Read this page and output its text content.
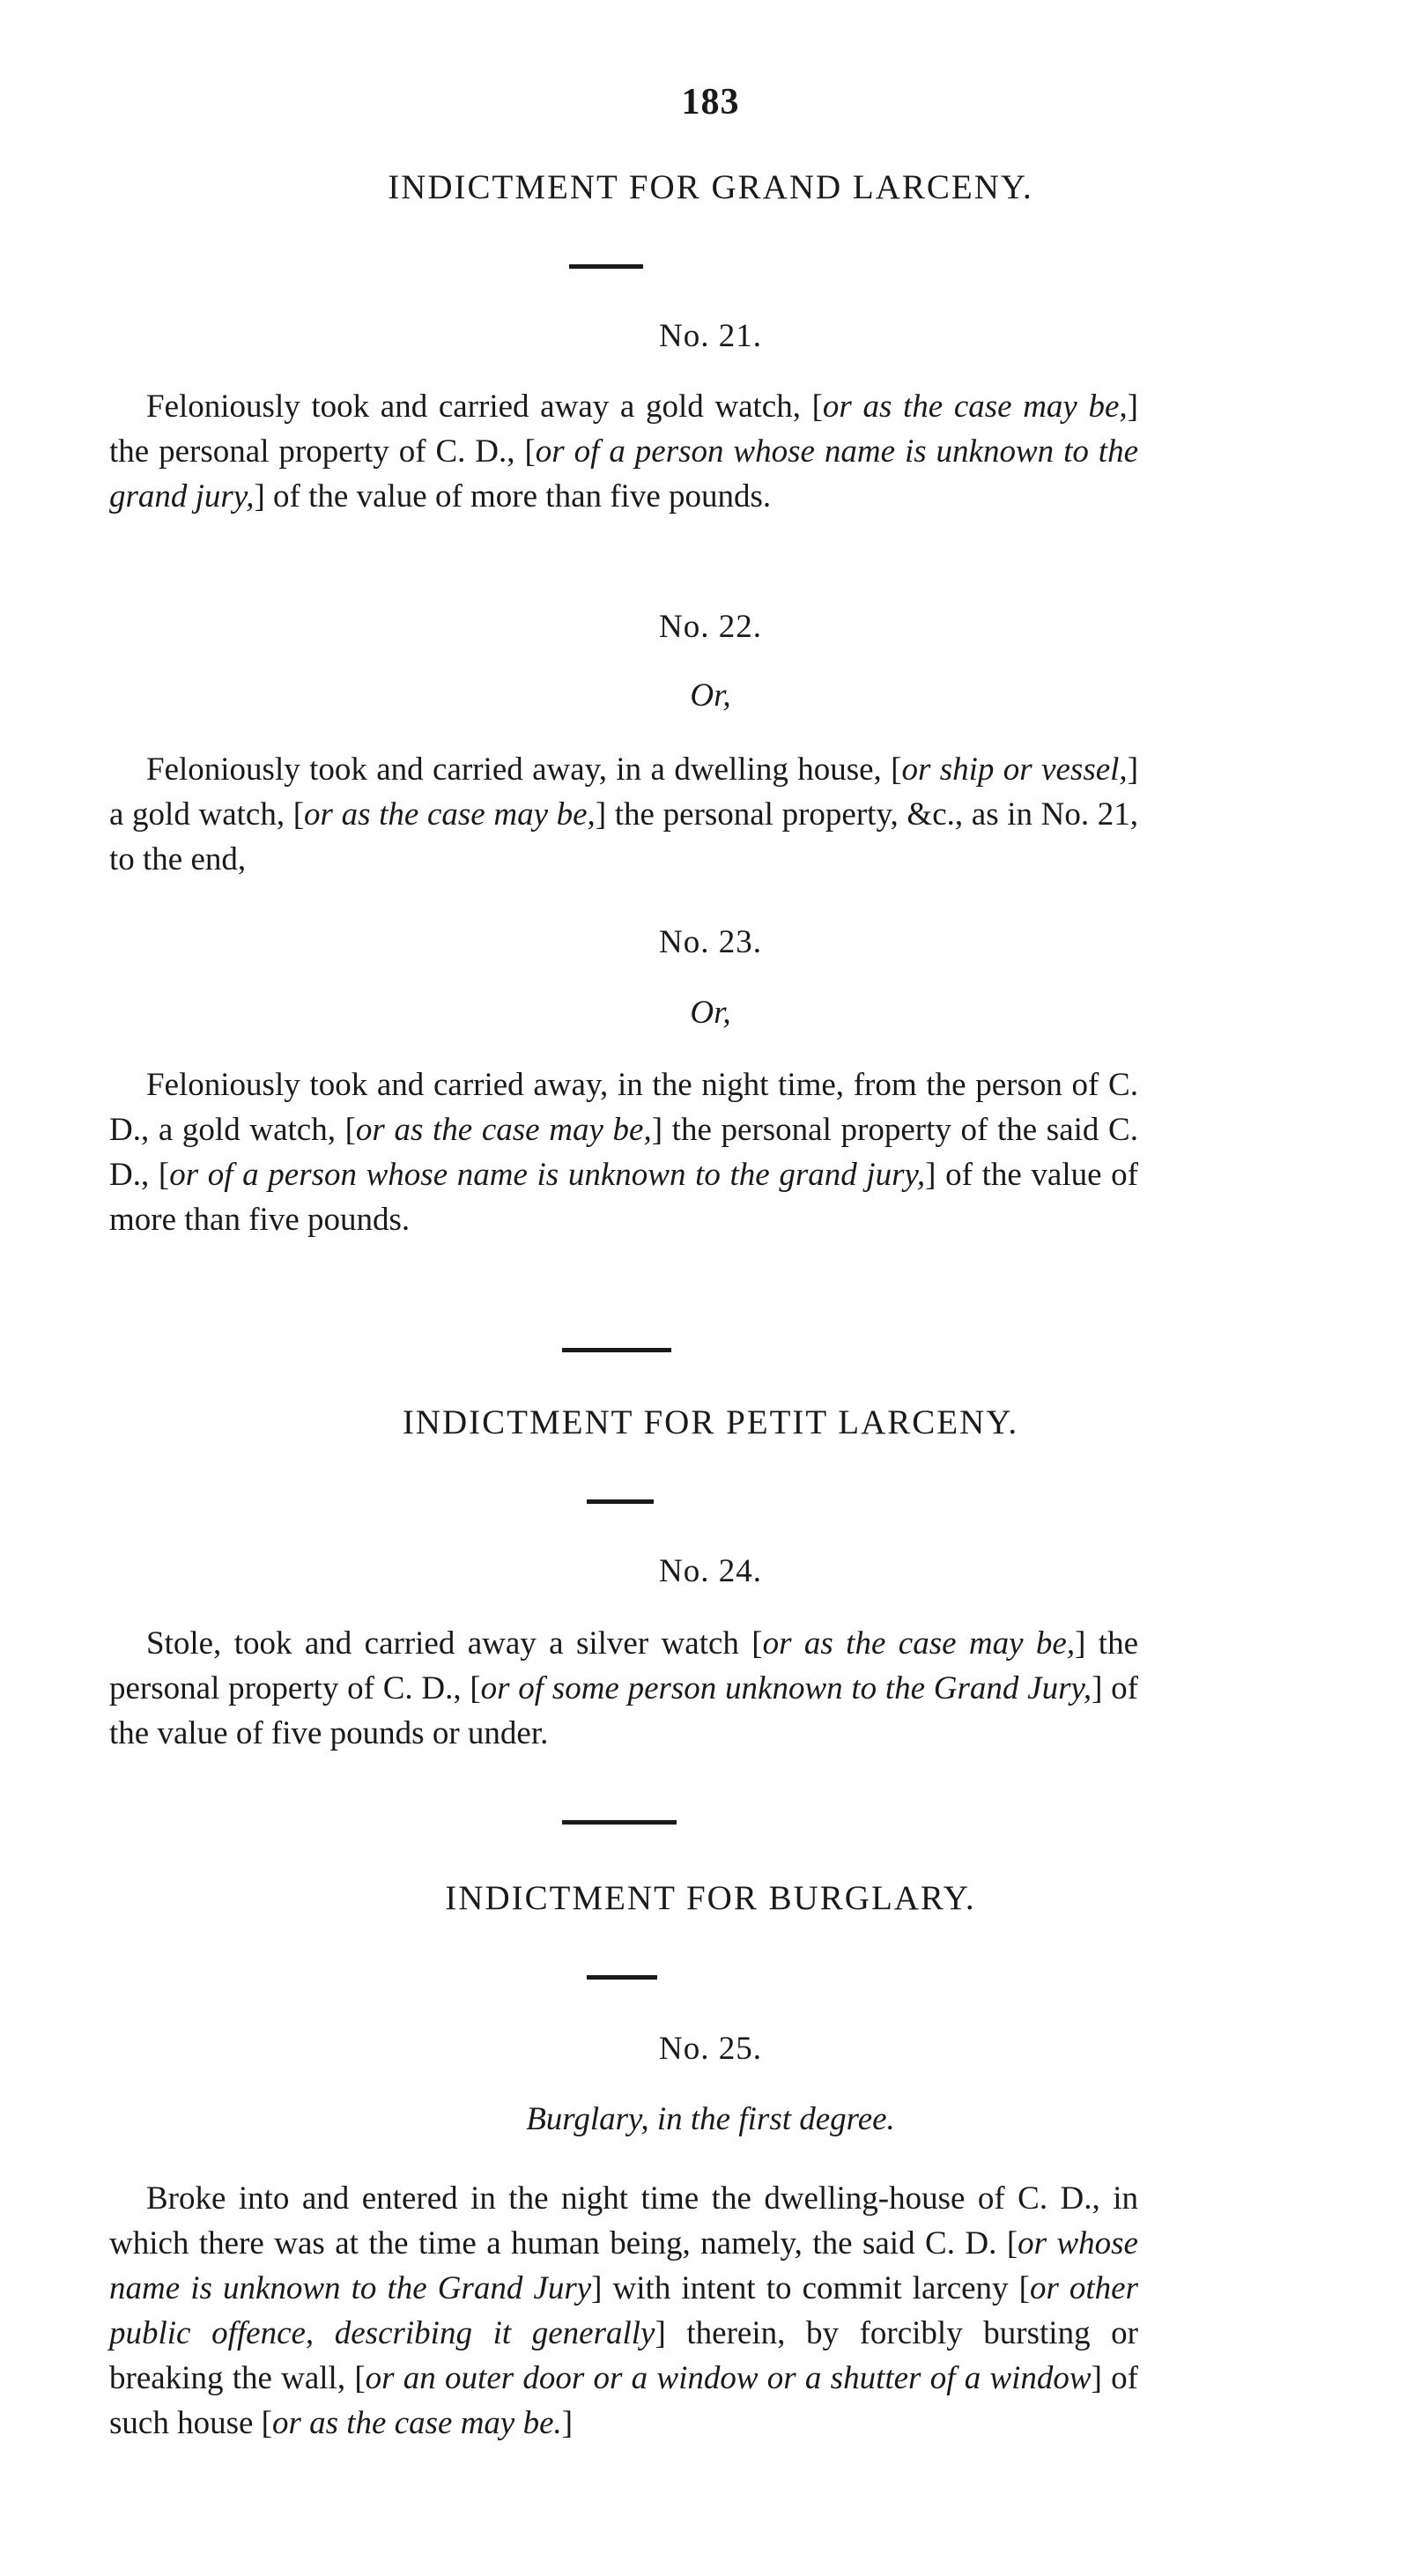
183
INDICTMENT FOR GRAND LARCENY.
No. 21.
Feloniously took and carried away a gold watch, [or as the case may be,] the personal property of C. D., [or of a person whose name is unknown to the grand jury,] of the value of more than five pounds.
No. 22.
Or,
Feloniously took and carried away, in a dwelling house, [or ship or vessel,] a gold watch, [or as the case may be,] the personal property, &c., as in No. 21, to the end,
No. 23.
Or,
Feloniously took and carried away, in the night time, from the person of C. D., a gold watch, [or as the case may be,] the personal property of the said C. D., [or of a person whose name is unknown to the grand jury,] of the value of more than five pounds.
INDICTMENT FOR PETIT LARCENY.
No. 24.
Stole, took and carried away a silver watch [or as the case may be,] the personal property of C. D., [or of some person unknown to the Grand Jury,] of the value of five pounds or under.
INDICTMENT FOR BURGLARY.
No. 25.
Burglary, in the first degree.
Broke into and entered in the night time the dwelling-house of C. D., in which there was at the time a human being, namely, the said C. D. [or whose name is unknown to the Grand Jury] with intent to commit larceny [or other public offence, describing it generally] therein, by forcibly bursting or breaking the wall, [or an outer door or a window or a shutter of a window] of such house [or as the case may be.]
